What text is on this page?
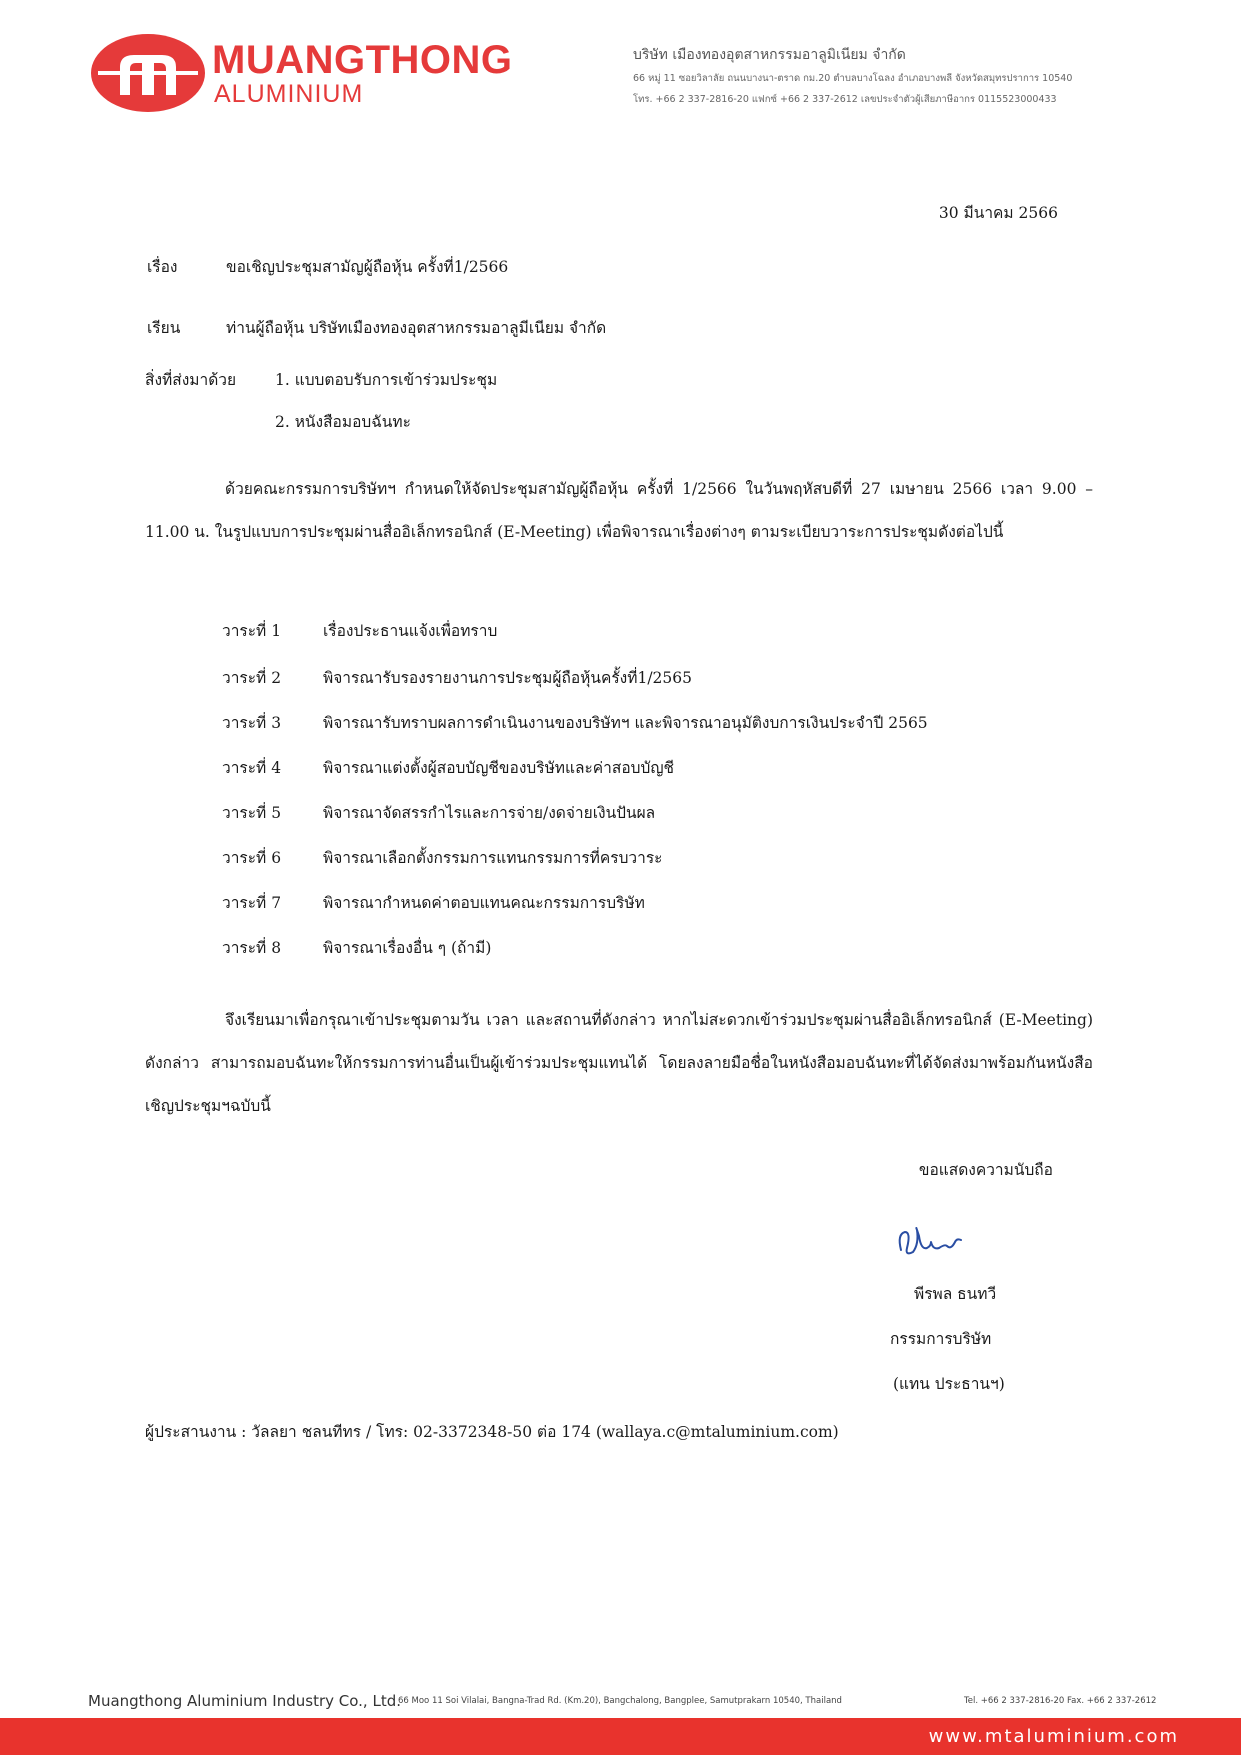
MUANGTHONG
ALUMINIUM
บริษัท เมืองทองอุตสาหกรรมอาลูมิเนียม จำกัด
66 หมู่ 11 ซอยวิลาลัย ถนนบางนา-ตราด กม.20 ตำบลบางโฉลง อำเภอบางพลี จังหวัดสมุทรปราการ 10540
โทร. +66 2 337-2816-20 แฟกซ์ +66 2 337-2612 เลขประจำตัวผู้เสียภาษีอากร 0115523000433
30 มีนาคม 2566
เรื่อง	ขอเชิญประชุมสามัญผู้ถือหุ้น ครั้งที่1/2566
เรียน	ท่านผู้ถือหุ้น บริษัทเมืองทองอุตสาหกรรมอาลูมีเนียม จำกัด
สิ่งที่ส่งมาด้วย	1. แบบตอบรับการเข้าร่วมประชุม
2. หนังสือมอบฉันทะ
ด้วยคณะกรรมการบริษัทฯ กำหนดให้จัดประชุมสามัญผู้ถือหุ้น ครั้งที่ 1/2566 ในวันพฤหัสบดีที่ 27 เมษายน 2566 เวลา 9.00 – 11.00 น. ในรูปแบบการประชุมผ่านสื่ออิเล็กทรอนิกส์ (E-Meeting) เพื่อพิจารณาเรื่องต่างๆ ตามระเบียบวาระการประชุมดังต่อไปนี้
วาระที่ 1	เรื่องประธานแจ้งเพื่อทราบ
วาระที่ 2	พิจารณารับรองรายงานการประชุมผู้ถือหุ้นครั้งที่1/2565
วาระที่ 3	พิจารณารับทราบผลการดำเนินงานของบริษัทฯ และพิจารณาอนุมัติงบการเงินประจำปี 2565
วาระที่ 4	พิจารณาแต่งตั้งผู้สอบบัญชีของบริษัทและค่าสอบบัญชี
วาระที่ 5	พิจารณาจัดสรรกำไรและการจ่าย/งดจ่ายเงินปันผล
วาระที่ 6	พิจารณาเลือกตั้งกรรมการแทนกรรมการที่ครบวาระ
วาระที่ 7	พิจารณากำหนดค่าตอบแทนคณะกรรมการบริษัท
วาระที่ 8	พิจารณาเรื่องอื่น ๆ (ถ้ามี)
จึงเรียนมาเพื่อกรุณาเข้าประชุมตามวัน เวลา และสถานที่ดังกล่าว หากไม่สะดวกเข้าร่วมประชุมผ่านสื่ออิเล็กทรอนิกส์ (E-Meeting) ดังกล่าว สามารถมอบฉันทะให้กรรมการท่านอื่นเป็นผู้เข้าร่วมประชุมแทนได้ โดยลงลายมือชื่อในหนังสือมอบฉันทะที่ได้จัดส่งมาพร้อมกันหนังสือเชิญประชุมฯฉบับนี้
ขอแสดงความนับถือ
พีรพล ธนทวี
กรรมการบริษัท
(แทน ประธานฯ)
ผู้ประสานงาน : วัลลยา ชลนทีทร / โทร: 02-3372348-50 ต่อ 174 (wallaya.c@mtaluminium.com)
Muangthong Aluminium Industry Co., Ltd.
66 Moo 11 Soi Vilalai, Bangna-Trad Rd. (Km.20), Bangchalong, Bangplee, Samutprakarn 10540, Thailand	Tel. +66 2 337-2816-20 Fax. +66 2 337-2612
www.mtaluminium.com
